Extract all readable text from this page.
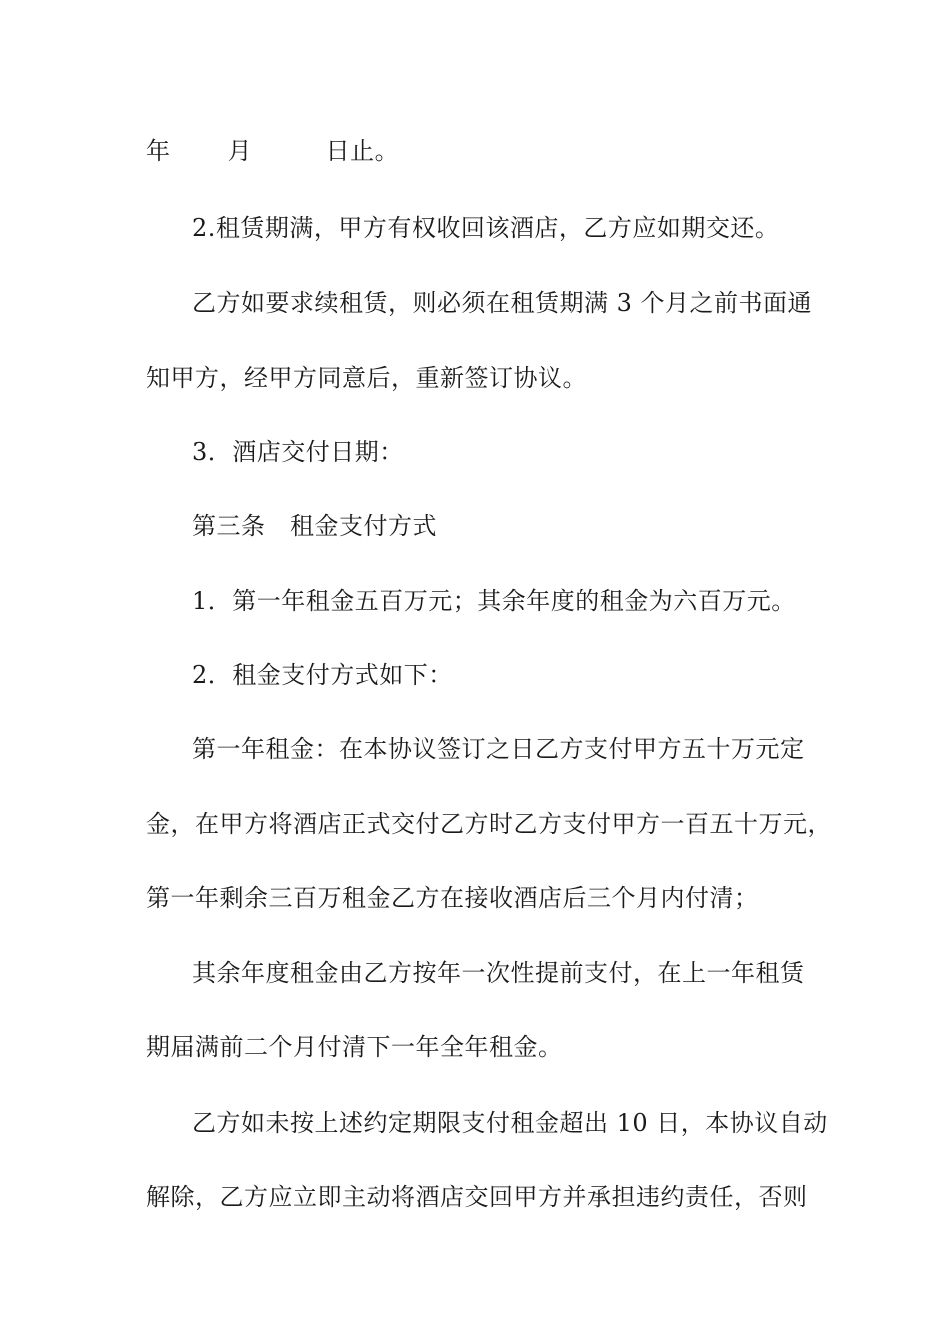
年　　 月　　　日止。
2.租赁期满，甲方有权收回该酒店，乙方应如期交还。
乙方如要求续租赁，则必须在租赁期满 3 个月之前书面通
知甲方，经甲方同意后，重新签订协议。
3．酒店交付日期：
第三条　租金支付方式
1．第一年租金五百万元；其余年度的租金为六百万元。
2．租金支付方式如下：
第一年租金：在本协议签订之日乙方支付甲方五十万元定
金，在甲方将酒店正式交付乙方时乙方支付甲方一百五十万元，
第一年剩余三百万租金乙方在接收酒店后三个月内付清；
其余年度租金由乙方按年一次性提前支付，在上一年租赁
期届满前二个月付清下一年全年租金。
乙方如未按上述约定期限支付租金超出 10 日，本协议自动
解除，乙方应立即主动将酒店交回甲方并承担违约责任，否则
